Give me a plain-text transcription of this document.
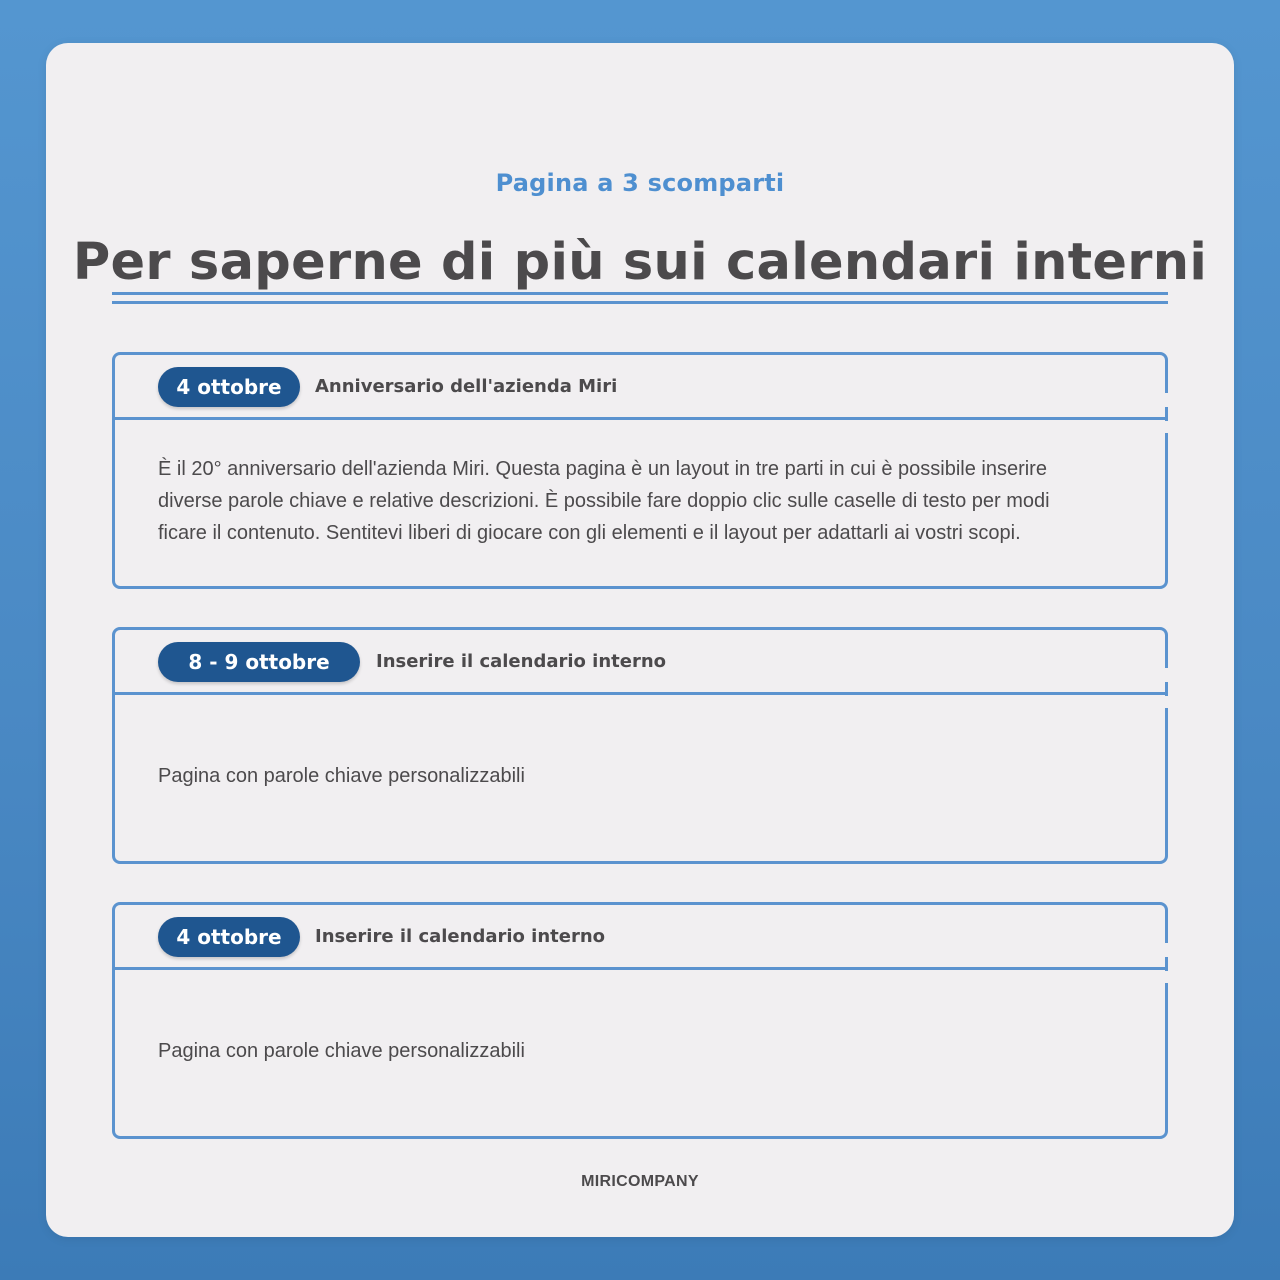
Pagina a 3 scomparti
Per saperne di più sui calendari interni
4 ottobre	Anniversario dell'azienda Miri
È il 20° anniversario dell'azienda Miri. Questa pagina è un layout in tre parti in cui è possibile inserire
diverse parole chiave e relative descrizioni. È possibile fare doppio clic sulle caselle di testo per modi
ficare il contenuto. Sentitevi liberi di giocare con gli elementi e il layout per adattarli ai vostri scopi.
8 - 9 ottobre	Inserire il calendario interno
Pagina con parole chiave personalizzabili
4 ottobre	Inserire il calendario interno
Pagina con parole chiave personalizzabili
MIRICOMPANY
